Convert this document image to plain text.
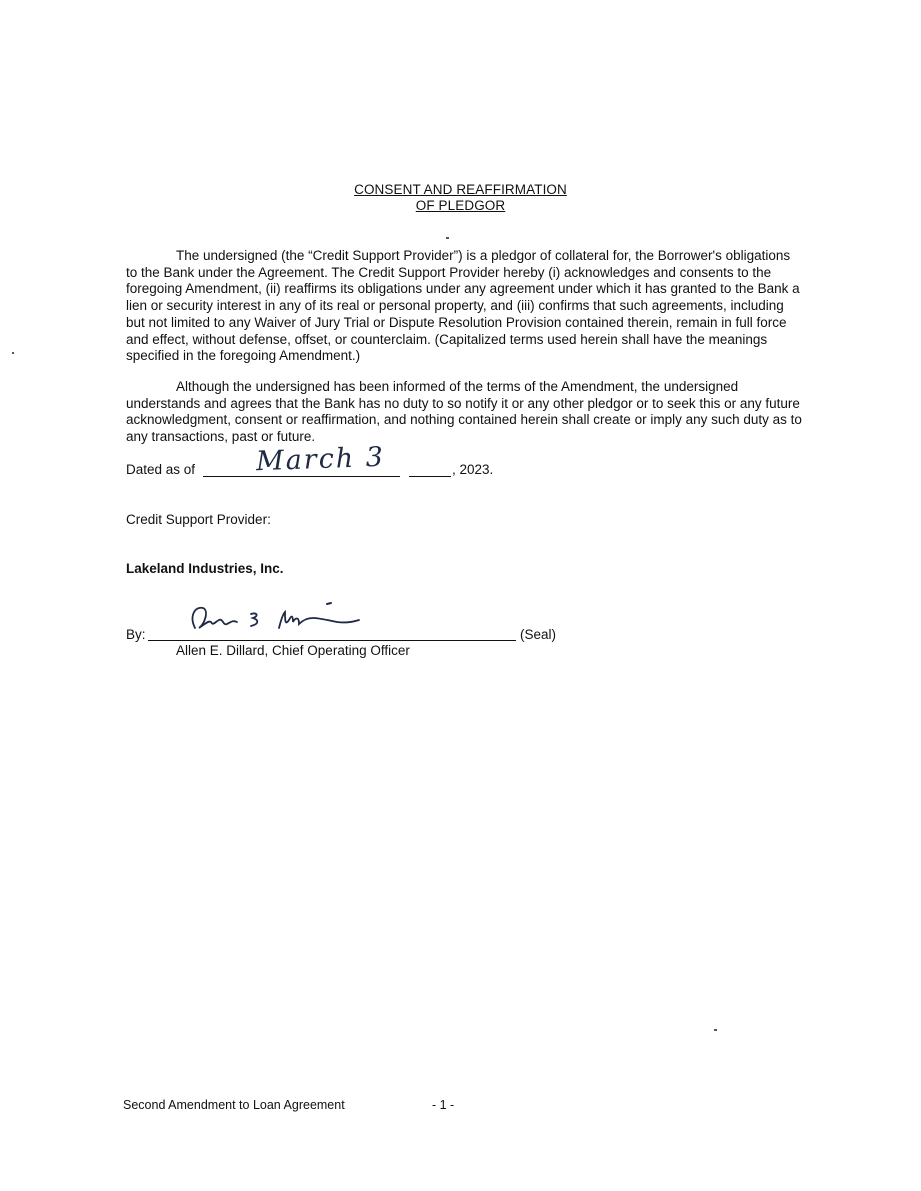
CONSENT AND REAFFIRMATION
OF PLEDGOR
The undersigned (the “Credit Support Provider”) is a pledgor of collateral for, the Borrower's obligations to the Bank under the Agreement. The Credit Support Provider hereby (i) acknowledges and consents to the foregoing Amendment, (ii) reaffirms its obligations under any agreement under which it has granted to the Bank a lien or security interest in any of its real or personal property, and (iii) confirms that such agreements, including but not limited to any Waiver of Jury Trial or Dispute Resolution Provision contained therein, remain in full force and effect, without defense, offset, or counterclaim. (Capitalized terms used herein shall have the meanings specified in the foregoing Amendment.)
Although the undersigned has been informed of the terms of the Amendment, the undersigned understands and agrees that the Bank has no duty to so notify it or any other pledgor or to seek this or any future acknowledgment, consent or reaffirmation, and nothing contained herein shall create or imply any such duty as to any transactions, past or future.
Dated as of March 3	, 2023.
Credit Support Provider:
Lakeland Industries, Inc.
By:	(Seal)
Allen E. Dillard, Chief Operating Officer
Second Amendment to Loan Agreement	- 1 -
